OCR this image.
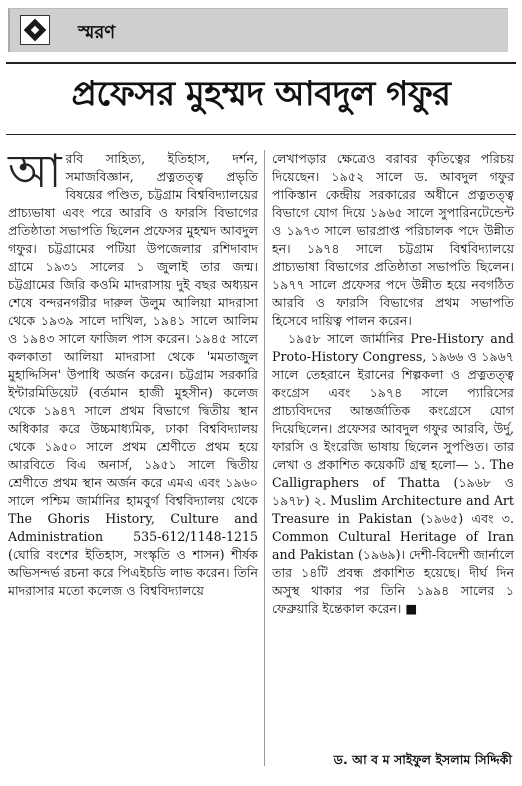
স্মরণ
প্রফেসর মুহম্মদ আবদুল গফুর
আ রবি সাহিত্য, ইতিহাস, দর্শন, সমাজবিজ্ঞান, প্রত্নতত্ত্ব প্রভৃতি বিষয়ের পণ্ডিত, চট্টগ্রাম বিশ্ববিদ্যালয়ের প্রাচ্যভাষা এবং পরে আরবি ও ফারসি বিভাগের প্রতিষ্ঠাতা সভাপতি ছিলেন প্রফেসর মুহম্মদ আবদুল গফুর। চট্টগ্রামের পটিয়া উপজেলার রশিদাবাদ গ্রামে ১৯৩১ সালের ১ জুলাই তার জন্ম। চট্টগ্রামের জিরি কওমি মাদরাসায় দুই বছর অধ্যয়ন শেষে বন্দরনগরীর দারুল উলুম আলিয়া মাদরাসা থেকে ১৯৩৯ সালে দাখিল, ১৯৪১ সালে আলিম ও ১৯৪৩ সালে ফাজিল পাস করেন। ১৯৪৫ সালে কলকাতা আলিয়া মাদরাসা থেকে 'মমতাজুল মুহাদ্দিসিন' উপাধি অর্জন করেন। চট্টগ্রাম সরকারি ইন্টারমিডিয়েট (বর্তমান হাজী মুহসীন) কলেজ থেকে ১৯৪৭ সালে প্রথম বিভাগে দ্বিতীয় স্থান অধিকার করে উচ্চমাধ্যমিক, ঢাকা বিশ্ববিদ্যালয় থেকে ১৯৫০ সালে প্রথম শ্রেণীতে প্রথম হয়ে আরবিতে বিএ অনার্স, ১৯৫১ সালে দ্বিতীয় শ্রেণীতে প্রথম স্থান অর্জন করে এমএ এবং ১৯৬০ সালে পশ্চিম জার্মানির হামবুর্গ বিশ্ববিদ্যালয় থেকে The Ghoris History, Culture and Administration 535-612/1148-1215 (ঘোরি বংশের ইতিহাস, সংস্কৃতি ও শাসন) শীর্ষক অভিসন্দর্ভ রচনা করে পিএইচডি লাভ করেন। তিনি মাদরাসার মতো কলেজ ও বিশ্ববিদ্যালয়ে

লেখাপড়ার ক্ষেত্রেও বরাবর কৃতিত্বের পরিচয় দিয়েছেন। ১৯৫২ সালে ড. আবদুল গফুর পাকিস্তান কেন্দ্রীয় সরকারের অধীনে প্রত্নতত্ত্ব বিভাগে যোগ দিয়ে ১৯৬৫ সালে সুপারিনটেন্ডেন্ট ও ১৯৭৩ সালে ভারপ্রাপ্ত পরিচালক পদে উন্নীত হন। ১৯৭৪ সালে চট্টগ্রাম বিশ্ববিদ্যালয়ে প্রাচ্যভাষা বিভাগের প্রতিষ্ঠাতা সভাপতি ছিলেন। ১৯৭৭ সালে প্রফেসর পদে উন্নীত হয়ে নবগঠিত আরবি ও ফারসি বিভাগের প্রথম সভাপতি হিসেবে দায়িত্ব পালন করেন।

১৯৫৮ সালে জার্মানির Pre-History and Proto-History Congress, ১৯৬৬ ও ১৯৬৭ সালে তেহরানে ইরানের শিল্পকলা ও প্রত্নতত্ত্ব কংগ্রেস এবং ১৯৭৪ সালে প্যারিসের প্রাচ্যবিদদের আন্তর্জাতিক কংগ্রেসে যোগ দিয়েছিলেন। প্রফেসর আবদুল গফুর আরবি, উর্দু, ফারসি ও ইংরেজি ভাষায় ছিলেন সুপণ্ডিত। তার লেখা ও প্রকাশিত কয়েকটি গ্রন্থ হলো— ১. The Calligraphers of Thatta (১৯৬৮ ও ১৯৭৮) ২. Muslim Architecture and Art Treasure in Pakistan (১৯৬৫) এবং ৩. Common Cultural Heritage of Iran and Pakistan (১৯৬৯)। দেশী-বিদেশী জার্নালে তার ১৪টি প্রবন্ধ প্রকাশিত হয়েছে। দীর্ঘ দিন অসুস্থ থাকার পর তিনি ১৯৯৪ সালের ১ ফেব্রুয়ারি ইন্তেকাল করেন। ■

ড. আ ব ম সাইফুল ইসলাম সিদ্দিকী
